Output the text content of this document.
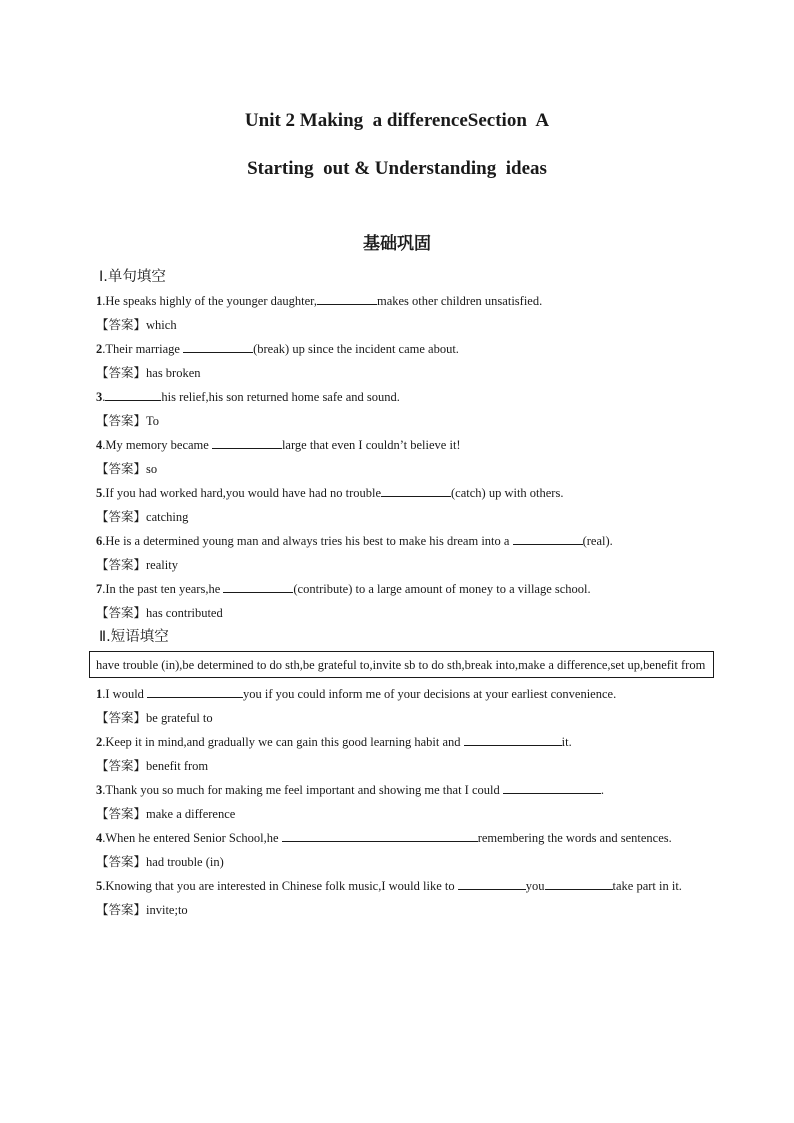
Unit 2 Making  a differenceSection  A
Starting  out & Understanding  ideas
基础巩固
Ⅰ.单句填空
1.He speaks highly of the younger daughter,	makes other children unsatisfied.
【答案】which
2.Their marriage	(break) up since the incident came about.
【答案】has broken
3.	his relief,his son returned home safe and sound.
【答案】To
4.My memory became	large that even I couldn’t believe it!
【答案】so
5.If you had worked hard,you would have had no trouble	(catch) up with others.
【答案】catching
6.He is a determined young man and always tries his best to make his dream into a	(real).
【答案】reality
7.In the past ten years,he	(contribute) to a large amount of money to a village school.
【答案】has contributed
Ⅱ.短语填空
have trouble (in),be determined to do sth,be grateful to,invite sb to do sth,break into,make a difference,set up,benefit from
1.I would	you if you could inform me of your decisions at your earliest convenience.
【答案】be grateful to
2.Keep it in mind,and gradually we can gain this good learning habit and	it.
【答案】benefit from
3.Thank you so much for making me feel important and showing me that I could	.
【答案】make a difference
4.When he entered Senior School,he	remembering the words and sentences.
【答案】had trouble (in)
5.Knowing that you are interested in Chinese folk music,I would like to	you	take part in it.
【答案】invite;to
